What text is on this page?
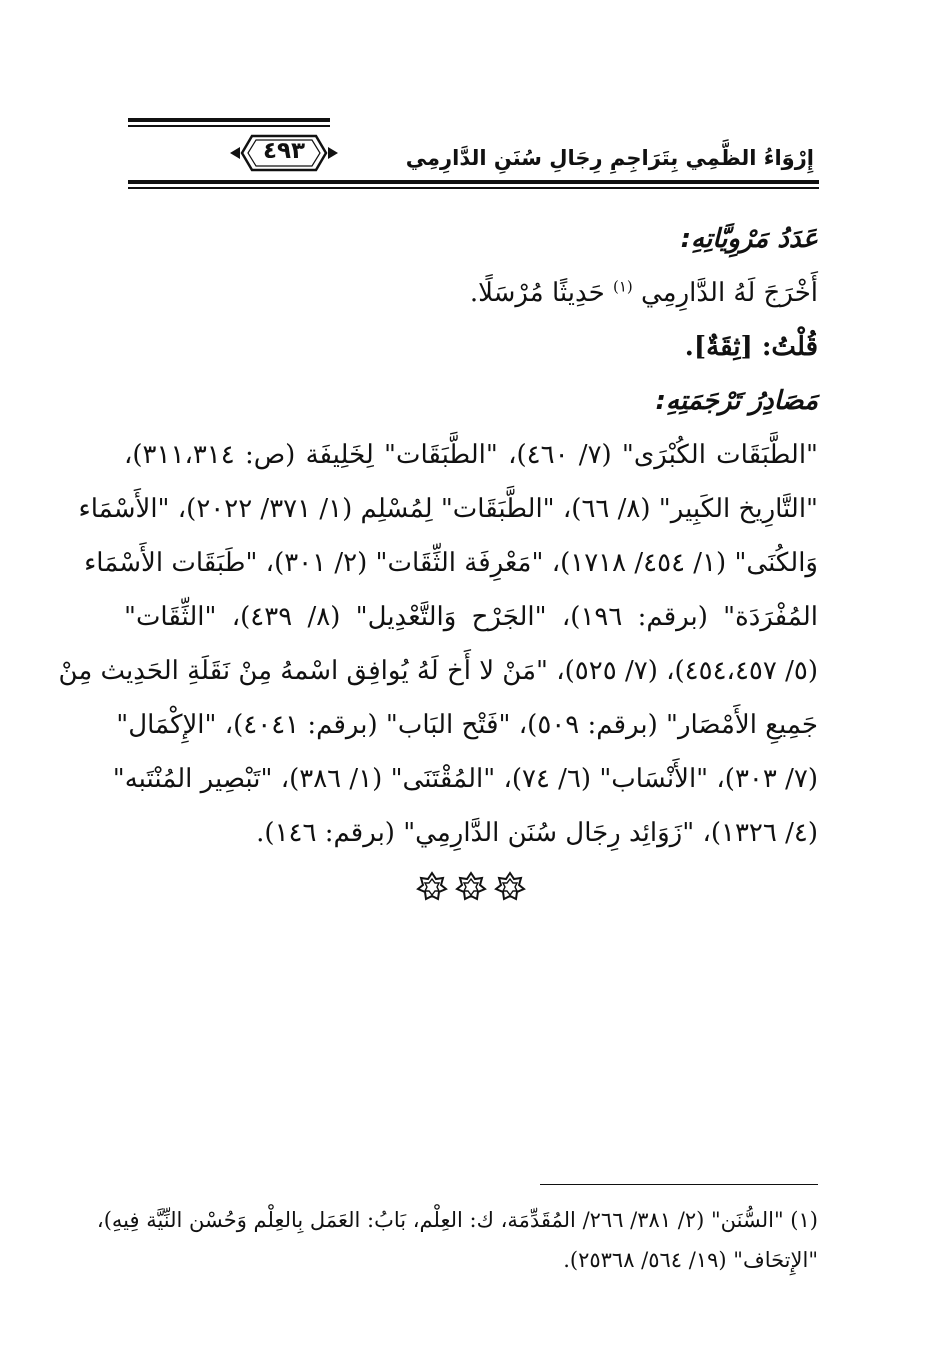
إِرْوَاءُ الظَّمِي بِتَرَاجِمِ رِجَالِ سُنَنِ الدَّارِمِي
٤٩٣
عَدَدُ مَرْوِيَّاتِهِ:
أَخْرَجَ لَهُ الدَّارِمِي $^{(١)}$ حَدِيثًا مُرْسَلًا.
قُلْتُ: [ثِقَةٌ].
مَصَادِرُ تَرْجَمَتِهِ:
"الطَّبَقَات الكُبْرَى" (٧/ ٤٦٠)، "الطَّبَقَات" لِخَلِيفَة (ص: ٣١١،٣١٤)،
"التَّارِيخ الكَبِير" (٨/ ٦٦)، "الطَّبَقَات" لِمُسْلِم (١/ ٣٧١/ ٢٠٢٢)، "الأَسْمَاء
وَالكُنَى" (١/ ٤٥٤/ ١٧١٨)، "مَعْرِفَة الثِّقَات" (٢/ ٣٠١)، "طَبَقَات الأَسْمَاء
المُفْرَدَة" (برقم: ١٩٦)، "الجَرْح وَالتَّعْدِيل" (٨/ ٤٣٩)، "الثِّقَات"
(٥/ ٤٥٤،٤٥٧)، (٧/ ٥٢٥)، "مَنْ لا أَخ لَهُ يُوافِق اسْمهُ مِنْ نَقَلَةِ الحَدِيث مِنْ
جَمِيعِ الأَمْصَار" (برقم: ٥٠٩)، "فَتْح البَاب" (برقم: ٤٠٤١)، "الإِكْمَال"
(٧/ ٣٠٣)، "الأَنْسَاب" (٦/ ٧٤)، "المُقْتَنَى" (١/ ٣٨٦)، "تَبْصِير المُنْتَبه"
(٤/ ١٣٢٦)، "زَوَائِد رِجَال سُنَن الدَّارِمِي" (برقم: ١٤٦).

(١) "السُّنَن" (٢/ ٣٨١/ ٢٦٦/ المُقَدِّمَة، ك: العِلْم، بَابُ: العَمَل بِالعِلْم وَحُسْن النِّيَّة فِيهِ)،
"الإِتحَاف" (١٩/ ٥٦٤/ ٢٥٣٦٨).
